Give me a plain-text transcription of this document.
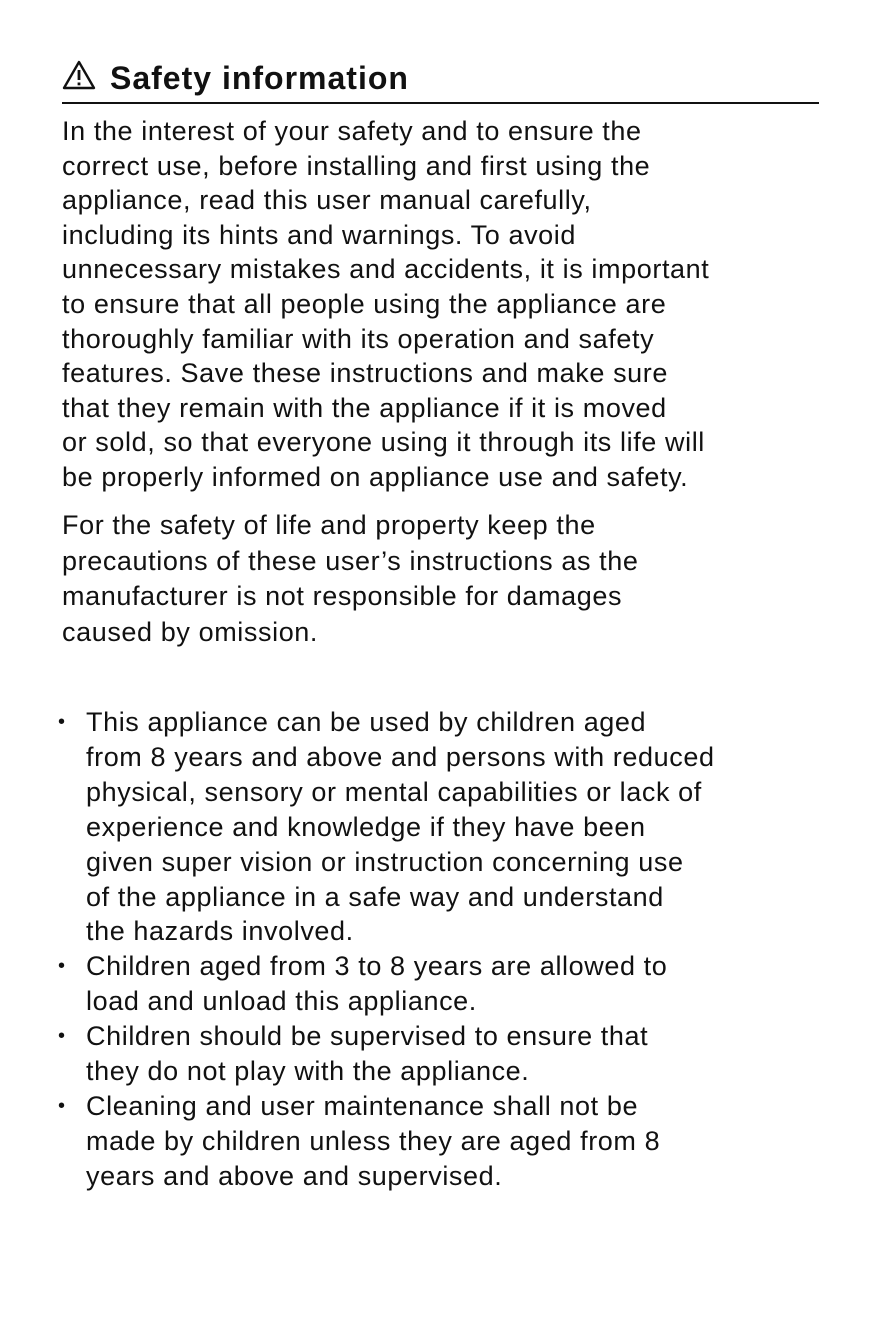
Safety information

In the interest of your safety and to ensure the
correct use, before installing and first using the
appliance, read this user manual carefully,
including its hints and warnings. To avoid
unnecessary mistakes and accidents, it is important
to ensure that all people using the appliance are
thoroughly familiar with its operation and safety
features. Save these instructions and make sure
that they remain with the appliance if it is moved
or sold, so that everyone using it through its life will
be properly informed on appliance use and safety.

For the safety of life and property keep the
precautions of these user’s instructions as the
manufacturer is not responsible for damages
caused by omission.

• This appliance can be used by children aged
from 8 years and above and persons with reduced
physical, sensory or mental capabilities or lack of
experience and knowledge if they have been
given super vision or instruction concerning use
of the appliance in a safe way and understand
the hazards involved.
• Children aged from 3 to 8 years are allowed to
load and unload this appliance.
• Children should be supervised to ensure that
they do not play with the appliance.
• Cleaning and user maintenance shall not be
made by children unless they are aged from 8
years and above and supervised.
